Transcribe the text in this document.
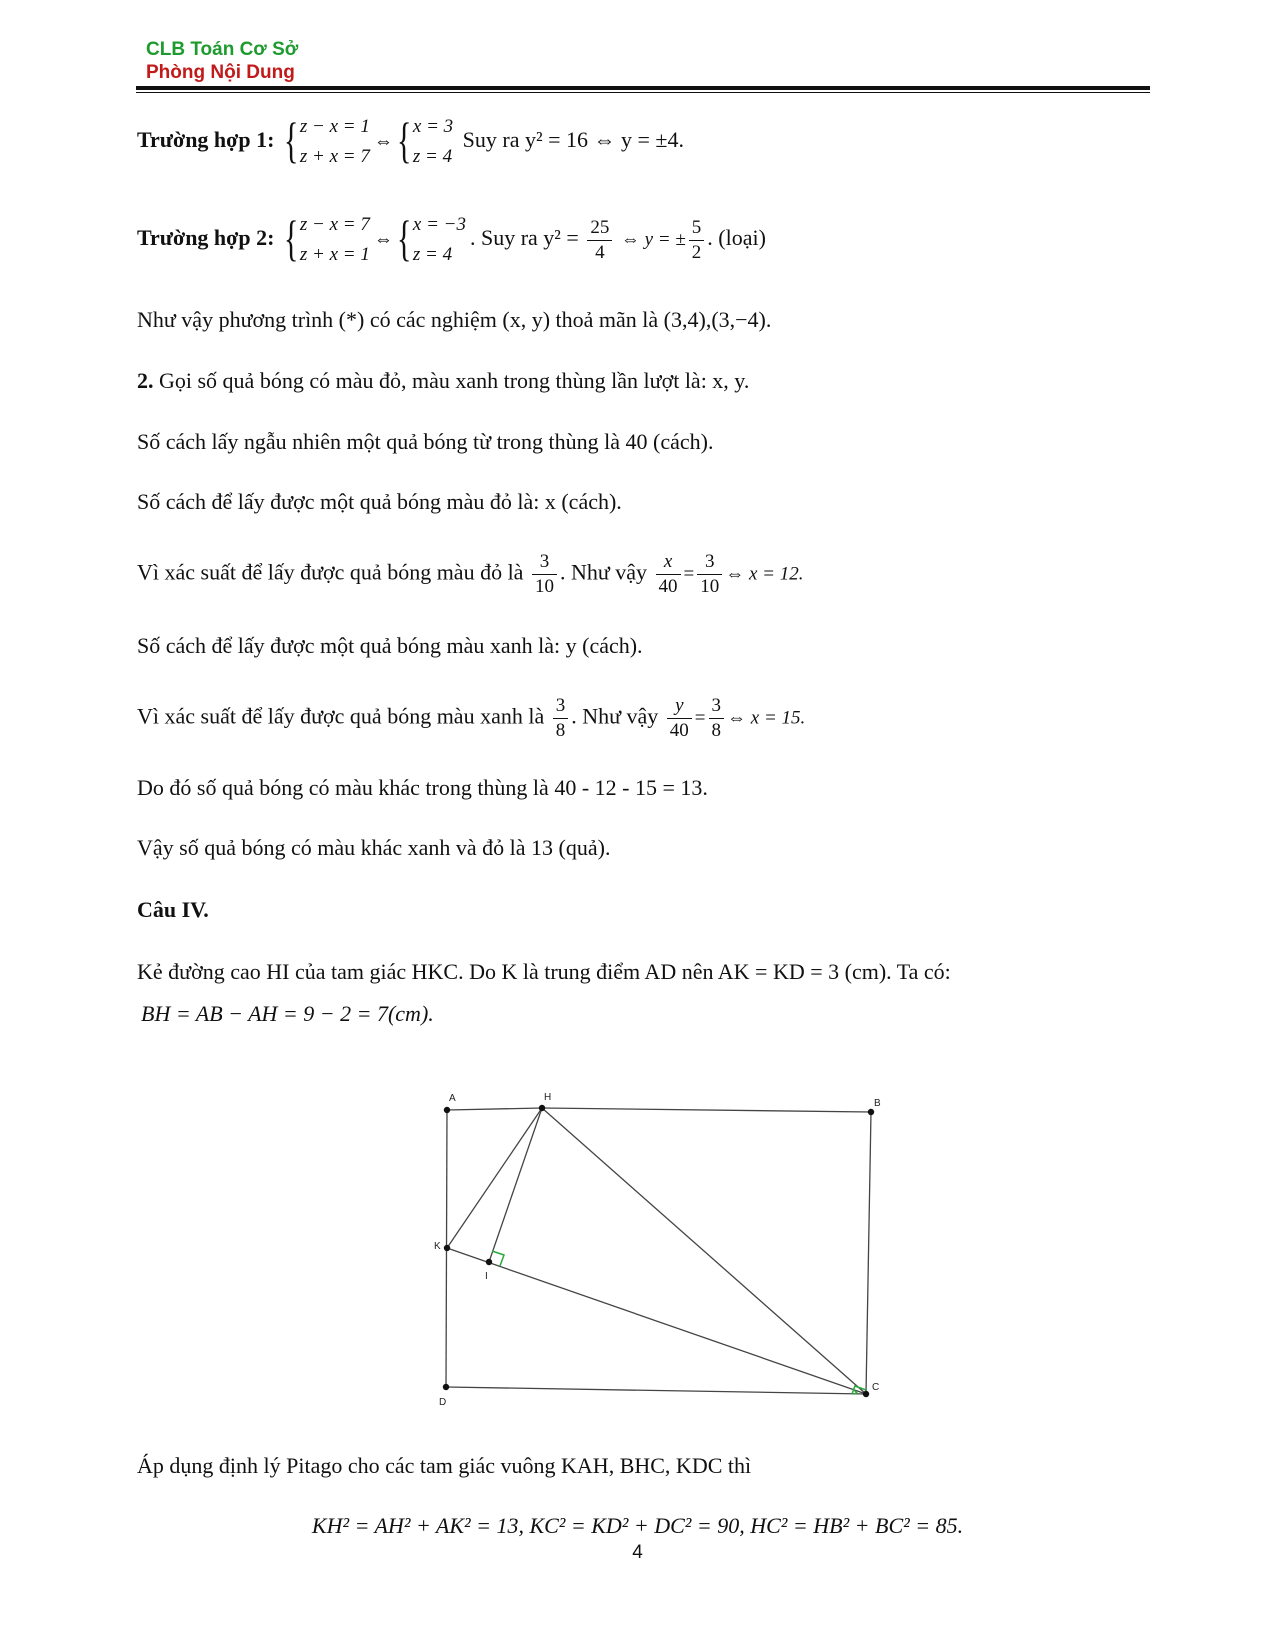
CLB Toán Cơ Sở
Phòng Nội Dung
Trường hợp 1: { z − x = 1
z + x = 7
⇔ { x = 3
z = 4
Suy ra y² = 16 ⇔ y = ±4.
Trường hợp 2: { z − x = 7
z + x = 1
⇔ { x = −3
z = 4
. Suy ra $y^2 = \frac{25}{4}$ ⇔ y = ± $\frac{5}{2}$ . (loại)
Như vậy phương trình (*) có các nghiệm (x, y) thoả mãn là (3,4),(3,−4).
2. Gọi số quả bóng có màu đỏ, màu xanh trong thùng lần lượt là: x, y.
Số cách lấy ngẫu nhiên một quả bóng từ trong thùng là 40 (cách).
Số cách để lấy được một quả bóng màu đỏ là: x (cách).
Vì xác suất để lấy được quả bóng màu đỏ là $\frac{3}{10}$ . Như vậy $\frac{x}{40} = \frac{3}{10}$ ⇔ x = 12.
Số cách để lấy được một quả bóng màu xanh là: y (cách).
Vì xác suất để lấy được quả bóng màu xanh là $\frac{3}{8}$ . Như vậy $\frac{y}{40} = \frac{3}{8}$ ⇔ x = 15.
Do đó số quả bóng có màu khác trong thùng là 40 - 12 - 15 = 13.
Vậy số quả bóng có màu khác xanh và đỏ là 13 (quả).
Câu IV.
Kẻ đường cao HI của tam giác HKC. Do K là trung điểm AD nên AK = KD = 3 (cm). Ta có:
BH = AB − AH = 9 − 2 = 7(cm).
A	H
B
K
I
C
D
Áp dụng định lý Pitago cho các tam giác vuông KAH, BHC, KDC thì
KH² = AH² + AK² = 13, KC² = KD² + DC² = 90, HC² = HB² + BC² = 85.
4
